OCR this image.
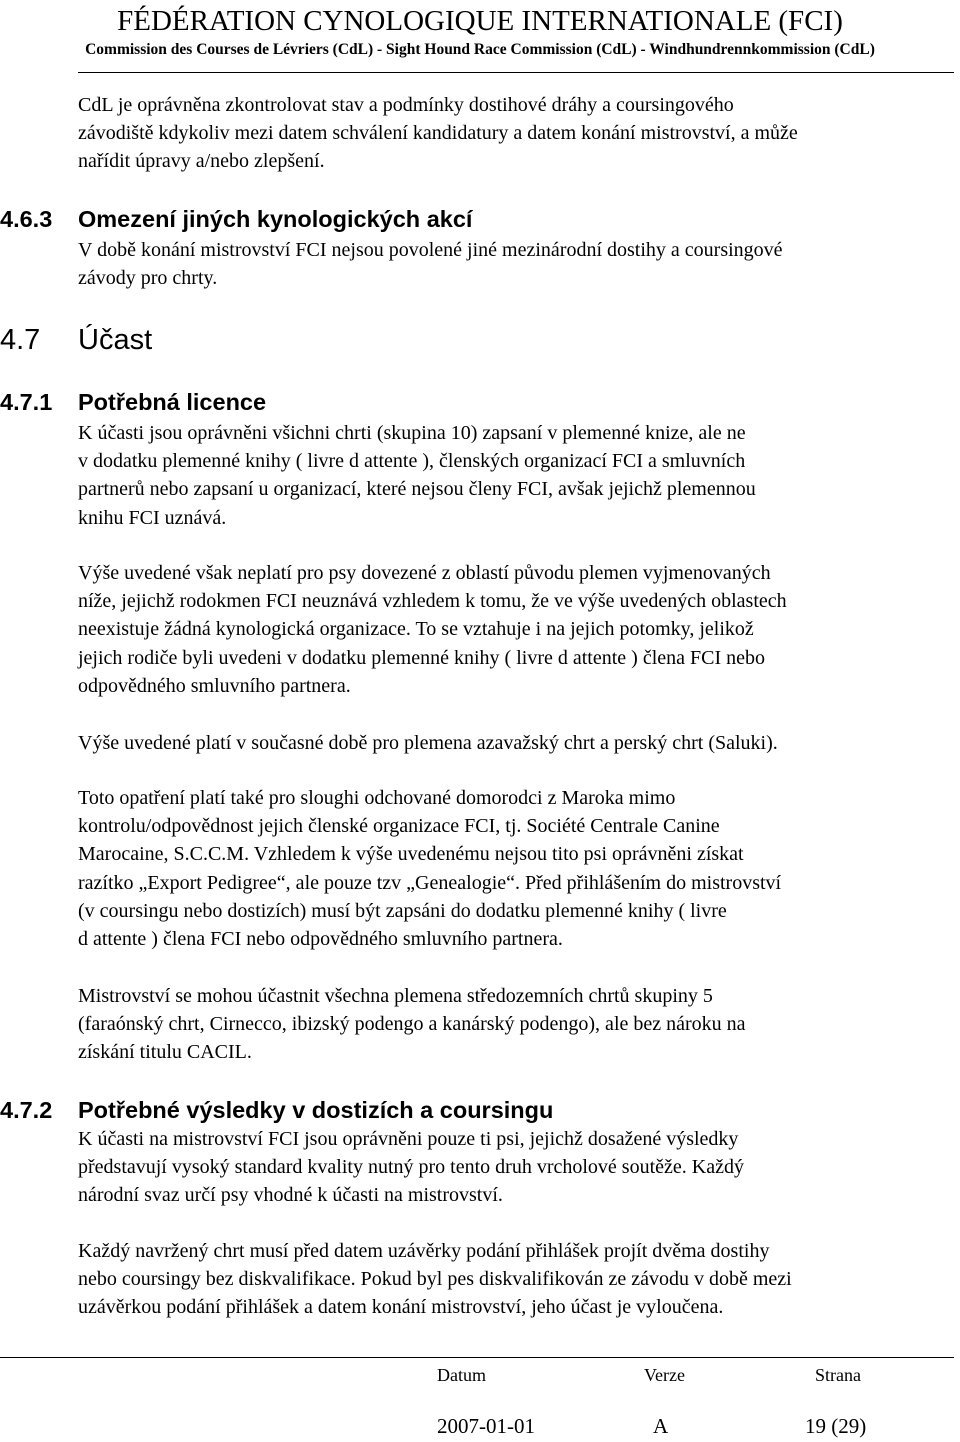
FÉDÉRATION CYNOLOGIQUE INTERNATIONALE (FCI)
Commission des Courses de Lévriers (CdL) - Sight Hound Race Commission (CdL) - Windhundrennkommission (CdL)

CdL je oprávněna zkontrolovat stav a podmínky dostihové dráhy a coursingového
závodiště kdykoliv mezi datem schválení kandidatury a datem konání mistrovství, a může
nařídit úpravy a/nebo zlepšení.

4.6.3 Omezení jiných kynologických akcí

V době konání mistrovství FCI nejsou povolené jiné mezinárodní dostihy a coursingové
závody pro chrty.

4.7 Účast
4.7.1 Potřebná licence

K účasti jsou oprávněni všichni chrti (skupina 10) zapsaní v plemenné knize, ale ne
v dodatku plemenné knihy ( livre d attente ), členských organizací FCI a smluvních
partnerů nebo zapsaní u organizací, které nejsou členy FCI, avšak jejichž plemennou
knihu FCI uznává.

Výše uvedené však neplatí pro psy dovezené z oblastí původu plemen vyjmenovaných
níže, jejichž rodokmen FCI neuznává vzhledem k tomu, že ve výše uvedených oblastech
neexistuje žádná kynologická organizace. To se vztahuje i na jejich potomky, jelikož
jejich rodiče byli uvedeni v dodatku plemenné knihy ( livre d attente ) člena FCI nebo
odpovědného smluvního partnera.

Výše uvedené platí v současné době pro plemena azavažský chrt a perský chrt (Saluki).

Toto opatření platí také pro sloughi odchované domorodci z Maroka mimo
kontrolu/odpovědnost jejich členské organizace FCI, tj. Société Centrale Canine
Marocaine, S.C.C.M. Vzhledem k výše uvedenému nejsou tito psi oprávněni získat
razítko „Export Pedigree“, ale pouze tzv „Genealogie“. Před přihlášením do mistrovství
(v coursingu nebo dostizích) musí být zapsáni do dodatku plemenné knihy ( livre
d attente ) člena FCI nebo odpovědného smluvního partnera.

Mistrovství se mohou účastnit všechna plemena středozemních chrtů skupiny 5
(faraónský chrt, Cirnecco, ibizský podengo a kanárský podengo), ale bez nároku na
získání titulu CACIL.

4.7.2 Potřebné výsledky v dostizích a coursingu

K účasti na mistrovství FCI jsou oprávněni pouze ti psi, jejichž dosažené výsledky
představují vysoký standard kvality nutný pro tento druh vrcholové soutěže. Každý
národní svaz určí psy vhodné k účasti na mistrovství.

Každý navržený chrt musí před datem uzávěrky podání přihlášek projít dvěma dostihy
nebo coursingy bez diskvalifikace. Pokud byl pes diskvalifikován ze závodu v době mezi
uzávěrkou podání přihlášek a datem konání mistrovství, jeho účast je vyloučena.

Datum	Verze	Strana
2007-01-01	A	19 (29)
